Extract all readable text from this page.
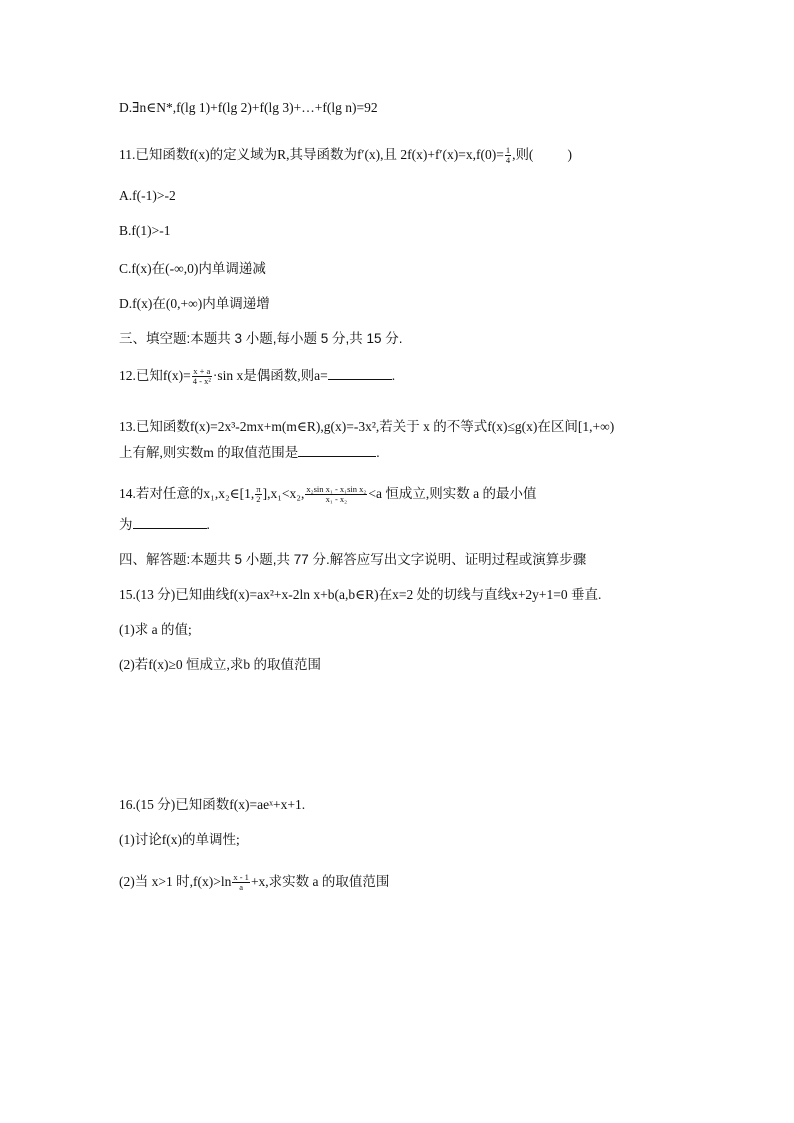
D.∃n∈N*,f(lg 1)+f(lg 2)+f(lg 3)+…+f(lg n)=92
11.已知函数f(x)的定义域为R,其导函数为f′(x),且 $2f(x)+f'(x)=x,f(0)= \frac{1}{4}$ ,则(	)
A.f(-1)>-2
B.f(1)>-1
C.f(x)在(-∞,0)内单调递减
D.f(x)在(0,+∞)内单调递增
三、填空题:本题共 3 小题,每小题 5 分,共 15 分.
12.已知$f(x)= \frac{x + a}{\text{4 - x²}} \cdot\sin$ x是偶函数,则a=	.
13.已知函数f(x)=2x³-2mx+m(m∈R),g(x)=-3x²,若关于 x 的不等式f(x)≤g(x)在区间[1,+∞)
上有解,则实数m 的取值范围是	.
14.若对任意的x₁,x₂∈[1, $\frac{\pi}{2} ],x_1<x_2$, $\frac{\text{x₂sin x₁ - x₁sin x₂}}{\text{x₁ - x₂}} <a$ 恒成立,则实数 a 的最小值
为	.
四、解答题:本题共 5 小题,共 77 分.解答应写出文字说明、证明过程或演算步骤
15.(13 分)已知曲线f(x)=ax²+x-2ln x+b(a,b∈R)在x=2 处的切线与直线x+2y+1=0 垂直.
(1)求 a 的值;
(2)若f(x)≥0 恒成立,求b 的取值范围
16.(15 分)已知函数f(x)=aeˣ+x+1.
(1)讨论f(x)的单调性;
(2)当 x>1 时$,f(x)>\ln \frac{x - 1}{a} +x$,求实数 a 的取值范围
